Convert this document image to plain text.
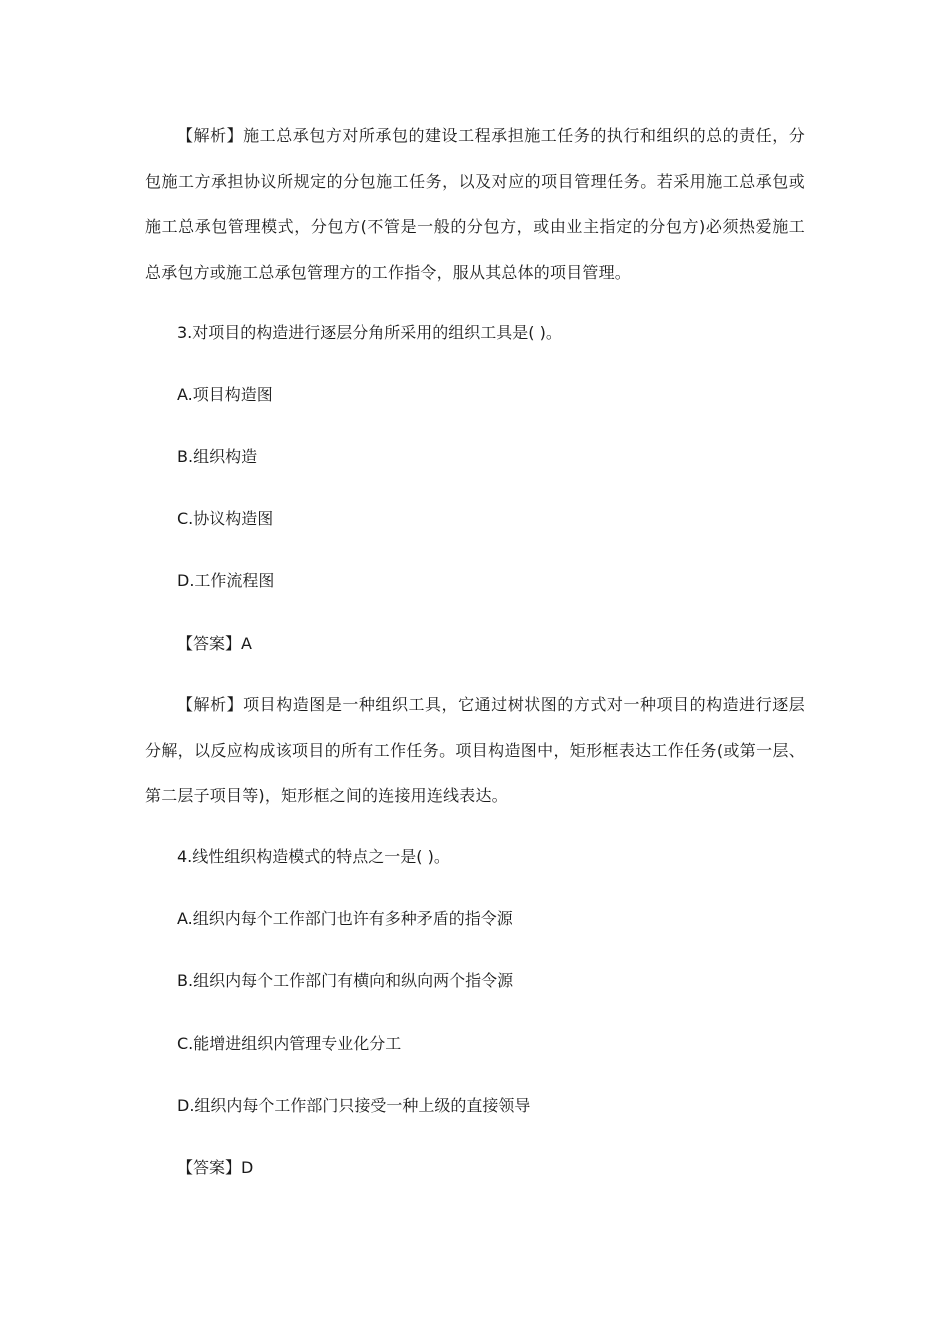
【解析】施工总承包方对所承包的建设工程承担施工任务的执行和组织的总的责任，分包施工方承担协议所规定的分包施工任务，以及对应的项目管理任务。若采用施工总承包或施工总承包管理模式，分包方(不管是一般的分包方，或由业主指定的分包方)必须热爱施工总承包方或施工总承包管理方的工作指令，服从其总体的项目管理。

3.对项目的构造进行逐层分角所采用的组织工具是( )。

A.项目构造图

B.组织构造

C.协议构造图

D.工作流程图

【答案】A

【解析】项目构造图是一种组织工具，它通过树状图的方式对一种项目的构造进行逐层分解，以反应构成该项目的所有工作任务。项目构造图中，矩形框表达工作任务(或第一层、第二层子项目等)，矩形框之间的连接用连线表达。

4.线性组织构造模式的特点之一是( )。

A.组织内每个工作部门也许有多种矛盾的指令源

B.组织内每个工作部门有横向和纵向两个指令源

C.能增进组织内管理专业化分工

D.组织内每个工作部门只接受一种上级的直接领导

【答案】D
